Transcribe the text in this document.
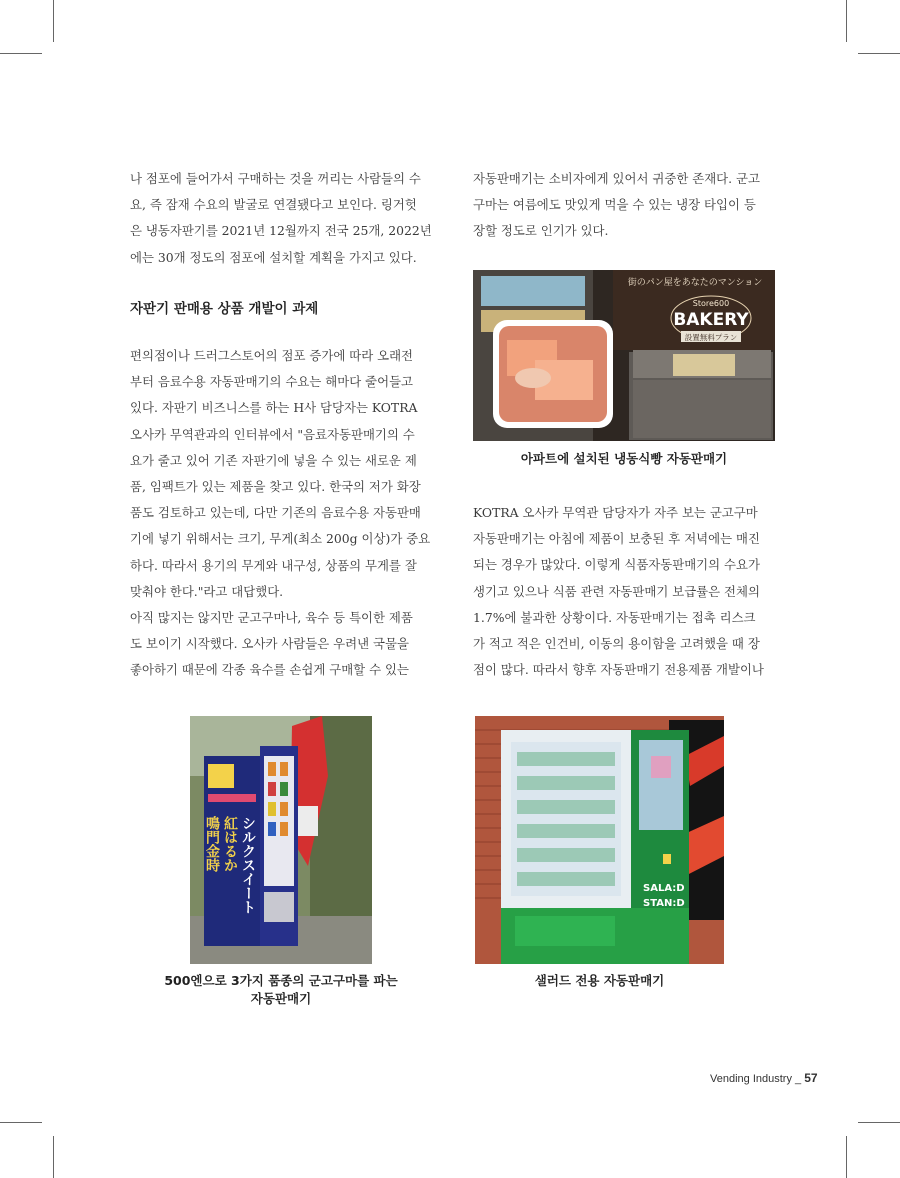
나 점포에 들어가서 구매하는 것을 꺼리는 사람들의 수

요, 즉 잠재 수요의 발굴로 연결됐다고 보인다. 링거헛

은 냉동자판기를 2021년 12월까지 전국 25개, 2022년

에는 30개 정도의 점포에 설치할 계획을 가지고 있다.

자판기 판매용 상품 개발이 과제

편의점이나 드러그스토어의 점포 증가에 따라 오래전

부터 음료수용 자동판매기의 수요는 해마다 줄어들고

있다. 자판기 비즈니스를 하는 H사 담당자는 KOTRA

오사카 무역관과의 인터뷰에서 "음료자동판매기의 수

요가 줄고 있어 기존 자판기에 넣을 수 있는 새로운 제

품, 임팩트가 있는 제품을 찾고 있다. 한국의 저가 화장

품도 검토하고 있는데, 다만 기존의 음료수용 자동판매

기에 넣기 위해서는 크기, 무게(최소 200g 이상)가 중요

하다. 따라서 용기의 무게와 내구성, 상품의 무게를 잘

맞춰야 한다."라고 대답했다.

아직 많지는 않지만 군고구마나, 육수 등 특이한 제품

도 보이기 시작했다. 오사카 사람들은 우려낸 국물을

좋아하기 때문에 각종 육수를 손쉽게 구매할 수 있는

자동판매기는 소비자에게 있어서 귀중한 존재다. 군고

구마는 여름에도 맛있게 먹을 수 있는 냉장 타입이 등

장할 정도로 인기가 있다.

街のパン屋をあなたのマンション
Store600
BAKERY
設置無料プラン
아파트에 설치된 냉동식빵 자동판매기

KOTRA 오사카 무역관 담당자가 자주 보는 군고구마

자동판매기는 아침에 제품이 보충된 후 저녁에는 매진

되는 경우가 많았다. 이렇게 식품자동판매기의 수요가

생기고 있으나 식품 관련 자동판매기 보급률은 전체의

1.7%에 불과한 상황이다. 자동판매기는 접촉 리스크

가 적고 적은 인건비, 이동의 용이함을 고려했을 때 장

점이 많다. 따라서 향후 자동판매기 전용제품 개발이나

シルクスイート
紅はるか
鳴門金時
500엔으로 3가지 품종의 군고구마를 파는
자동판매기
SALA:D
STAN:D
샐러드 전용 자동판매기
Vending Industry _ 57
